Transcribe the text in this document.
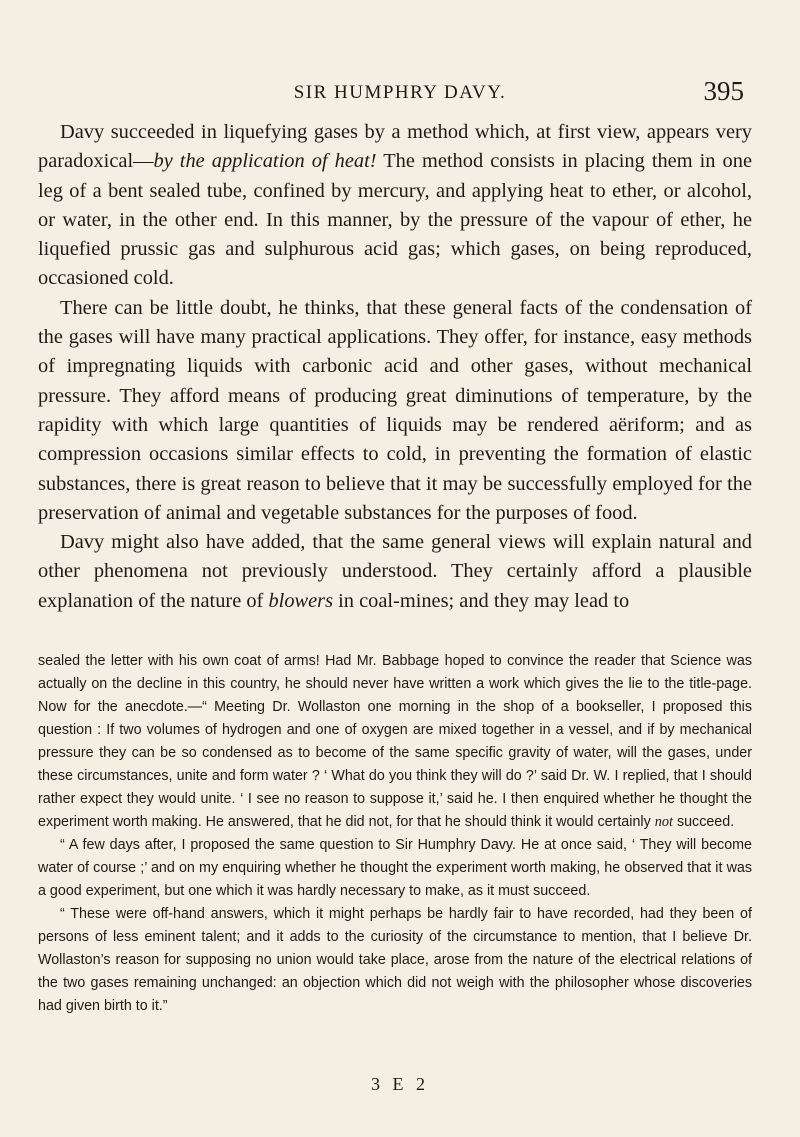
SIR HUMPHRY DAVY.	395

Davy succeeded in liquefying gases by a method which, at first view, appears very paradoxical—by the application of heat! The method consists in placing them in one leg of a bent sealed tube, confined by mercury, and applying heat to ether, or alcohol, or water, in the other end. In this manner, by the pressure of the vapour of ether, he liquefied prussic gas and sulphurous acid gas; which gases, on being reproduced, occasioned cold.

There can be little doubt, he thinks, that these general facts of the condensation of the gases will have many practical applications. They offer, for instance, easy methods of impregnating liquids with carbonic acid and other gases, without mechanical pressure. They afford means of producing great diminutions of temperature, by the rapidity with which large quantities of liquids may be rendered aëriform; and as compression occasions similar effects to cold, in preventing the formation of elastic substances, there is great reason to believe that it may be successfully employed for the preservation of animal and vegetable substances for the purposes of food.

Davy might also have added, that the same general views will explain natural and other phenomena not previously understood. They certainly afford a plausible explanation of the nature of blowers in coal-mines; and they may lead to

sealed the letter with his own coat of arms! Had Mr. Babbage hoped to convince the reader that Science was actually on the decline in this country, he should never have written a work which gives the lie to the title-page. Now for the anecdote.—“ Meeting Dr. Wollaston one morning in the shop of a bookseller, I proposed this question : If two volumes of hydrogen and one of oxygen are mixed together in a vessel, and if by mechanical pressure they can be so condensed as to become of the same specific gravity of water, will the gases, under these circumstances, unite and form water ? ‘ What do you think they will do ?’ said Dr. W. I replied, that I should rather expect they would unite. ‘ I see no reason to suppose it,’ said he. I then enquired whether he thought the experiment worth making. He answered, that he did not, for that he should think it would certainly not succeed.

“ A few days after, I proposed the same question to Sir Humphry Davy. He at once said, ‘ They will become water of course ;’ and on my enquiring whether he thought the experiment worth making, he observed that it was a good experiment, but one which it was hardly necessary to make, as it must succeed.

“ These were off-hand answers, which it might perhaps be hardly fair to have recorded, had they been of persons of less eminent talent; and it adds to the curiosity of the circumstance to mention, that I believe Dr. Wollaston’s reason for supposing no union would take place, arose from the nature of the electrical relations of the two gases remaining unchanged: an objection which did not weigh with the philosopher whose discoveries had given birth to it.”

3 E 2
